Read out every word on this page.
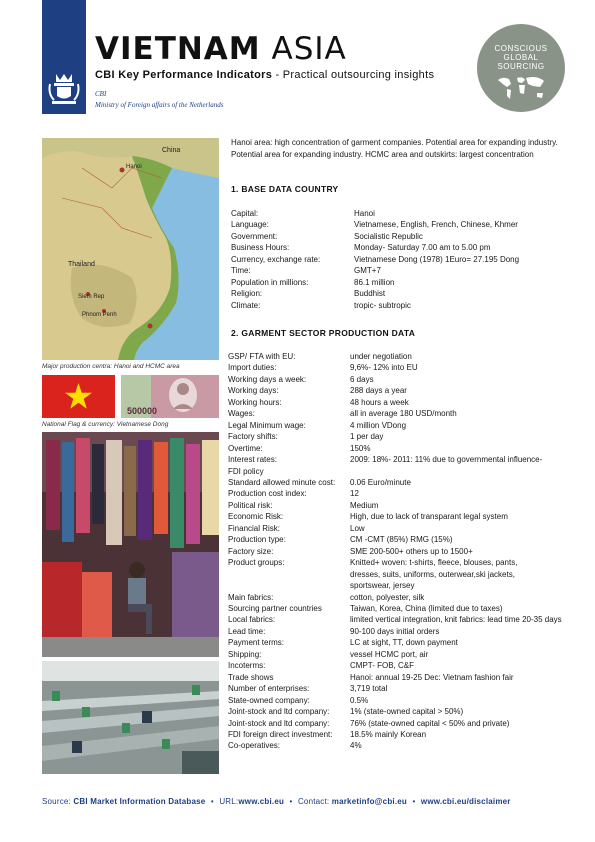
VIETNAM ASIA
CBI Key Performance Indicators - Practical outsourcing insights
CBI
Ministry of Foreign affairs of the Netherlands
CONSCIOUS
GLOBAL
SOURCING
China
Thailand
Hanoi
Siem Rep
Phnom Penh
Major production centra: Hanoi and HCMC area
500000
National Flag & currency: Vietnamese Dong
Hanoi area: high concentration of garment companies. Potential area for expanding industry. Potential area for expanding industry. HCMC area and outskirts: largest concentration
1. BASE DATA COUNTRY
Capital:	Hanoi
Language:	Vietnamese, English, French, Chinese, Khmer
Government:	Socialistic Republic
Business Hours:	Monday- Saturday 7.00 am to 5.00 pm
Currency, exchange rate:	Vietnamese Dong (1978) 1Euro= 27.195 Dong
Time:	GMT+7
Population in millions:	86.1 million
Religion:	Buddhist
Climate:	tropic- subtropic
2. GARMENT SECTOR PRODUCTION DATA
GSP/ FTA with EU:	under negotiation
Import duties:	9,6%- 12% into EU
Working days a week:	6 days
Working days:	288 days a year
Working hours:	48 hours a week
Wages:	all in average 180 USD/month
Legal Minimum wage:	4 million VDong
Factory shifts:	1 per day
Overtime:	150%
Interest rates:	2009: 18%- 2011: 11% due to governmental influence-
FDI policy
Standard allowed minute cost:	0.06 Euro/minute
Production cost index:	12
Political risk:	Medium
Economic Risk:	High, due to lack of transparant legal system
Financial Risk:	Low
Production type:	CM -CMT (85%) RMG (15%)
Factory size:	SME 200-500+ others up to 1500+
Product groups:	Knitted+ woven: t-shirts, fleece, blouses, pants,
dresses, suits, uniforms, outerwear,ski jackets,
sportswear, jersey
Main fabrics:	cotton, polyester, silk
Sourcing partner countries	Taiwan, Korea, China (limited due to taxes)
Local fabrics:	limited vertical integration, knit fabrics: lead time 20-35 days
Lead time:	90-100 days initial orders
Payment terms:	LC at sight, TT, down payment
Shipping:	vessel HCMC port, air
Incoterms:	CMPT- FOB, C&F
Trade shows	Hanoi: annual 19-25 Dec: Vietnam fashion fair
Number of enterprises:	3,719 total
State-owned company:	0.5%
Joint-stock and ltd company:	1% (state-owned capital > 50%)
Joint-stock and ltd company:	76% (state-owned capital < 50% and private)
FDI foreign direct investment:	18.5% mainly Korean
Co-operatives:	4%
Source: CBI Market Information Database • URL:www.cbi.eu • Contact: marketinfo@cbi.eu • www.cbi.eu/disclaimer
